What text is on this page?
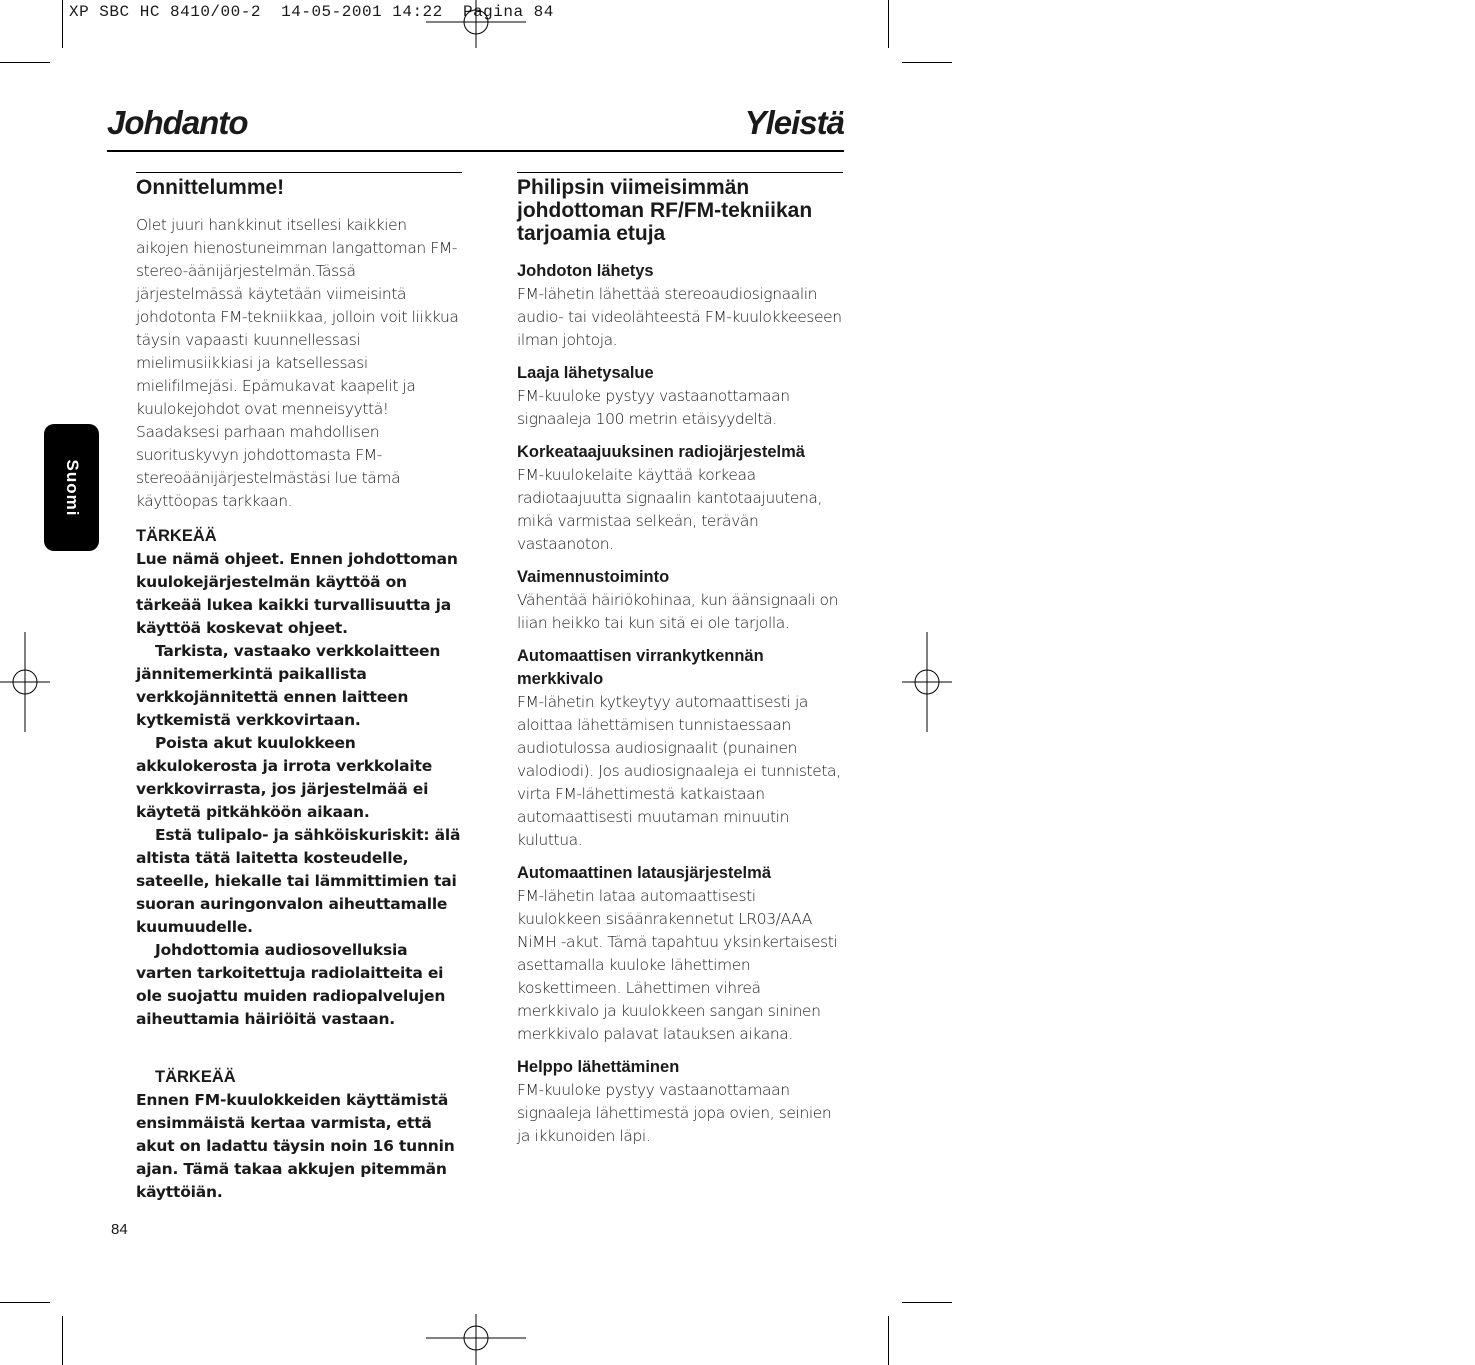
XP SBC HC 8410/00-2  14-05-2001 14:22  Pagina 84
Johdanto	Yleistä
Suomi
Onnittelumme!
Olet juuri hankkinut itsellesi kaikkien aikojen hienostuneimman langattoman FM-stereo-äänijärjestelmän.Tässä järjestelmässä käytetään viimeisintä johdotonta FM-tekniikkaa, jolloin voit liikkua täysin vapaasti kuunnellessasi mielimusiikkiasi ja katsellessasi mielifilmejäsi. Epämukavat kaapelit ja kuulokejohdot ovat menneisyyttä! Saadaksesi parhaan mahdollisen suorituskyvyn johdottomasta FM-stereoäänijärjestelmästäsi lue tämä käyttöopas tarkkaan.
TÄRKEÄÄ

Lue nämä ohjeet. Ennen johdottoman kuulokejärjestelmän käyttöä on tärkeää lukea kaikki turvallisuutta ja käyttöä koskevat ohjeet.

Tarkista, vastaako verkkolaitteen jännitemerkintä paikallista verkkojännitettä ennen laitteen kytkemistä verkkovirtaan.

Poista akut kuulokkeen akkulokerosta ja irrota verkkolaite verkkovirrasta, jos järjestelmää ei käytetä pitkähköön aikaan.

Estä tulipalo- ja sähköiskuriskit: älä altista tätä laitetta kosteudelle, sateelle, hiekalle tai lämmittimien tai suoran auringonvalon aiheuttamalle kuumuudelle.

Johdottomia audiosovelluksia varten tarkoitettuja radiolaitteita ei ole suojattu muiden radiopalvelujen aiheuttamia häiriöitä vastaan.

TÄRKEÄÄ
Ennen FM-kuulokkeiden käyttämistä ensimmäistä kertaa varmista, että akut on ladattu täysin noin 16 tunnin ajan. Tämä takaa akkujen pitemmän käyttöiän.
Philipsin viimeisimmän johdottoman RF/FM-tekniikan tarjoamia etuja
Johdoton lähetys
FM-lähetin lähettää stereoaudiosignaalin audio- tai videolähteestä FM-kuulokkeeseen ilman johtoja.
Laaja lähetysalue
FM-kuuloke pystyy vastaanottamaan signaaleja 100 metrin etäisyydeltä.
Korkeataajuuksinen radiojärjestelmä
FM-kuulokelaite käyttää korkeaa radiotaajuutta signaalin kantotaajuutena, mikä varmistaa selkeän, terävän vastaanoton.
Vaimennustoiminto
Vähentää häiriökohinaa, kun äänsignaali on liian heikko tai kun sitä ei ole tarjolla.
Automaattisen virrankytkennän merkkivalo
FM-lähetin kytkeytyy automaattisesti ja aloittaa lähettämisen tunnistaessaan audiotulossa audiosignaalit (punainen valodiodi). Jos audiosignaaleja ei tunnisteta, virta FM-lähettimestä katkaistaan automaattisesti muutaman minuutin kuluttua.
Automaattinen latausjärjestelmä
FM-lähetin lataa automaattisesti kuulokkeen sisäänrakennetut LR03/AAA NiMH -akut. Tämä tapahtuu yksinkertaisesti asettamalla kuuloke lähettimen koskettimeen. Lähettimen vihreä merkkivalo ja kuulokkeen sangan sininen merkkivalo palavat latauksen aikana.
Helppo lähettäminen
FM-kuuloke pystyy vastaanottamaan signaaleja lähettimestä jopa ovien, seinien ja ikkunoiden läpi.
84
